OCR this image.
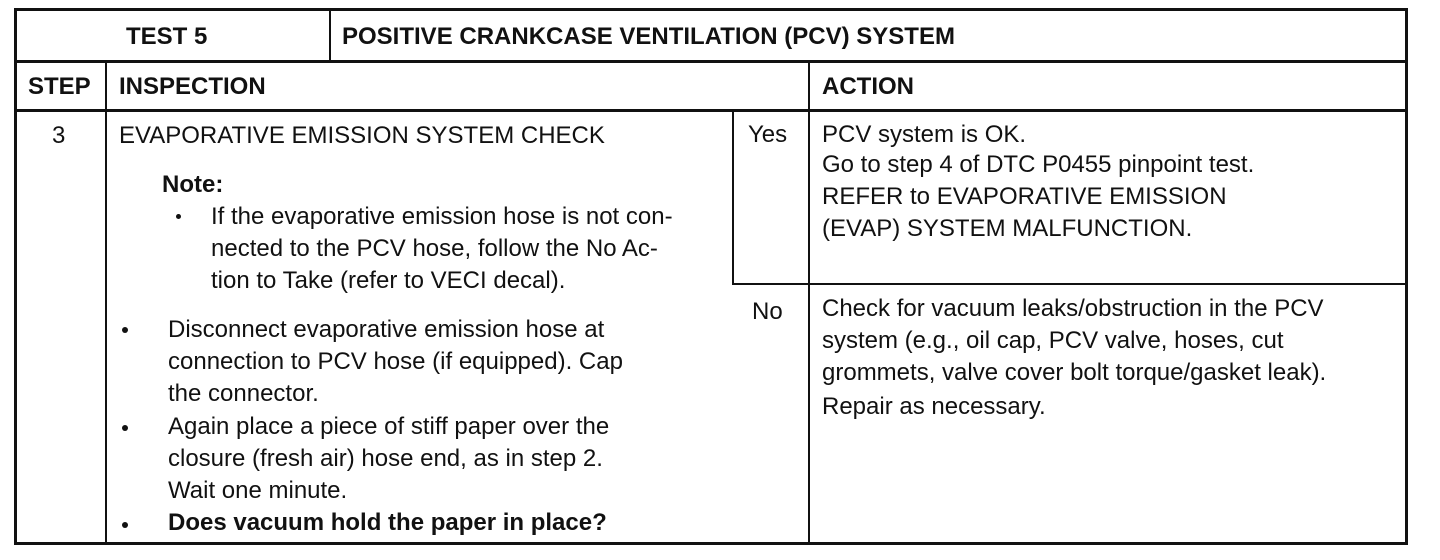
TEST 5	POSITIVE CRANKCASE VENTILATION (PCV) SYSTEM
STEP INSPECTION	ACTION
3 EVAPORATIVE EMISSION SYSTEM CHECK
Note:
If the evaporative emission hose is not con-
nected to the PCV hose, follow the No Ac-
tion to Take (refer to VECI decal).
Disconnect evaporative emission hose at
connection to PCV hose (if equipped). Cap
the connector.
Again place a piece of stiff paper over the
closure (fresh air) hose end, as in step 2.
Wait one minute.
Does vacuum hold the paper in place?
Yes
No
PCV system is OK.
Go to step 4 of DTC P0455 pinpoint test.
REFER to EVAPORATIVE EMISSION
(EVAP) SYSTEM MALFUNCTION.
Check for vacuum leaks/obstruction in the PCV
system (e.g., oil cap, PCV valve, hoses, cut
grommets, valve cover bolt torque/gasket leak).
Repair as necessary.
